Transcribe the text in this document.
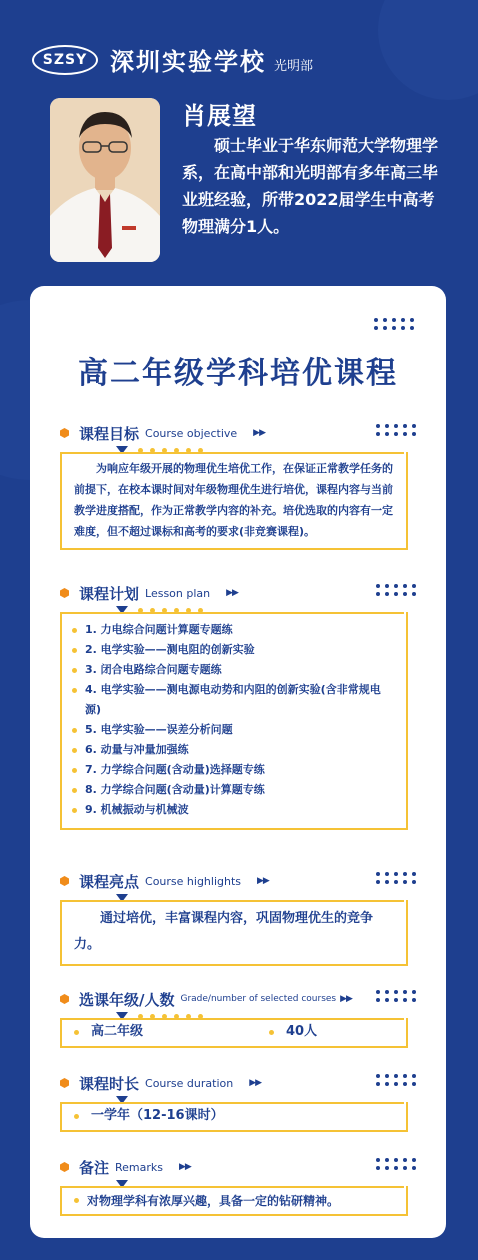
SZSY 深圳实验学校 光明部
肖展望
硕士毕业于华东师范大学物理学系，在高中部和光明部有多年高三毕业班经验，所带2022届学生中高考物理满分1人。
高二年级学科培优课程
课程目标 Course objective ▶▶
为响应年级开展的物理优生培优工作，在保证正常教学任务的前提下，在校本课时间对年级物理优生进行培优，课程内容与当前教学进度搭配，作为正常教学内容的补充。培优选取的内容有一定难度，但不超过课标和高考的要求(非竞赛课程)。
课程计划 Lesson plan ▶▶
1. 力电综合问题计算题专题练
2. 电学实验——测电阻的创新实验
3. 闭合电路综合问题专题练
4. 电学实验——测电源电动势和内阻的创新实验(含非常规电源)
5. 电学实验——误差分析问题
6. 动量与冲量加强练
7. 力学综合问题(含动量)选择题专练
8. 力学综合问题(含动量)计算题专练
9. 机械振动与机械波
课程亮点 Course highlights ▶▶
通过培优，丰富课程内容，巩固物理优生的竞争力。
选课年级/人数 Grade/number of selected courses ▶▶
高二年级	40人
课程时长 Course duration ▶▶
一学年（12-16课时）
备注 Remarks ▶▶
对物理学科有浓厚兴趣，具备一定的钻研精神。
